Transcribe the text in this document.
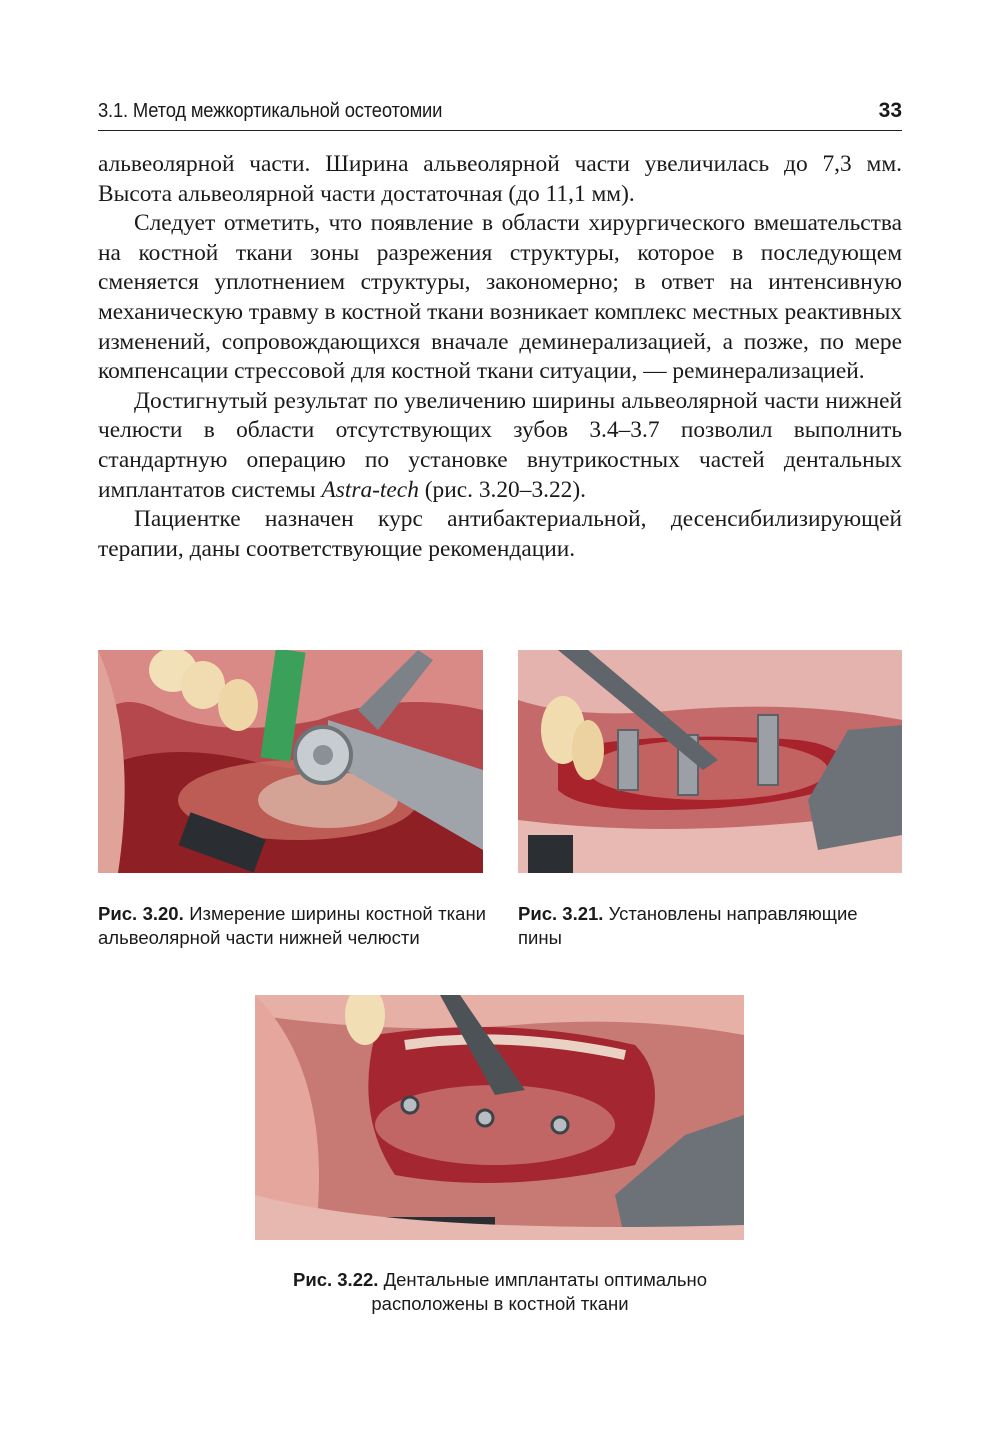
3.1. Метод межкортикальной остеотомии	33

альвеолярной части. Ширина альвеолярной части увеличилась до 7,3 мм. Высота альвеолярной части достаточная (до 11,1 мм).

Следует отметить, что появление в области хирургического вмешательства на костной ткани зоны разрежения структуры, которое в последующем сменяется уплотнением структуры, закономерно; в ответ на интенсивную механическую травму в костной ткани возникает комплекс местных реактивных изменений, сопровождающихся вначале деминерализацией, а позже, по мере компенсации стрессовой для костной ткани ситуации, — реминерализацией.

Достигнутый результат по увеличению ширины альвеолярной части нижней челюсти в области отсутствующих зубов 3.4–3.7 позволил выполнить стандартную операцию по установке внутрикостных частей дентальных имплантатов системы Astra-tech (рис. 3.20–3.22).

Пациентке назначен курс антибактериальной, десенсибилизирующей терапии, даны соответствующие рекомендации.

Рис. 3.20. Измерение ширины костной ткани альвеолярной части нижней челюсти
Рис. 3.21. Установлены направляющие пины
Рис. 3.22. Дентальные имплантаты оптимально расположены в костной ткани
